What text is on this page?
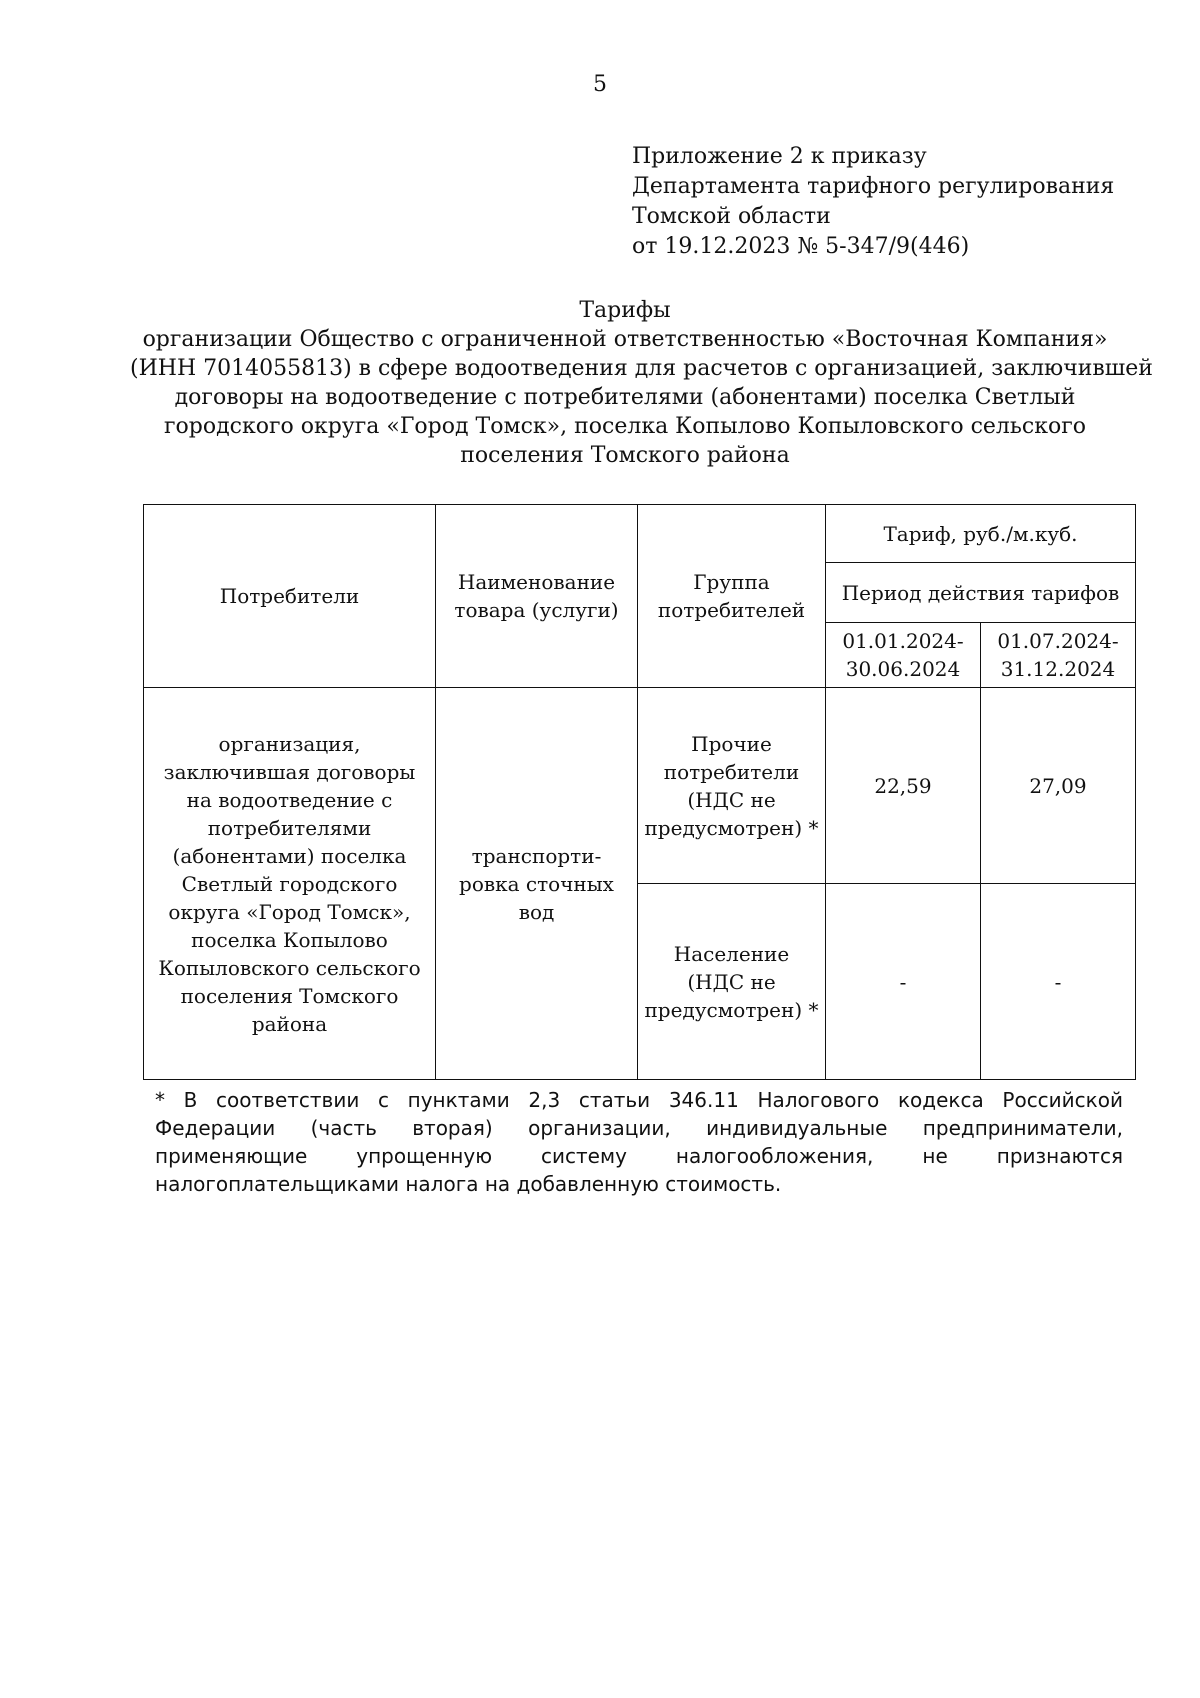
5
Приложение 2 к приказу
Департамента тарифного регулирования
Томской области
от 19.12.2023 № 5-347/9(446)
Тарифы
организации Общество с ограниченной ответственностью «Восточная Компания»
(ИНН 7014055813) в сфере водоотведения для расчетов с организацией, заключившей
договоры на водоотведение с потребителями (абонентами) поселка Светлый
городского округа «Город Томск», поселка Копылово Копыловского сельского
поселения Томского района
Потребители	Наименование товара (услуги)	Группа потребителей	Тариф, руб./м.куб.	
			Период действия тарифов	
			01.01.2024-30.06.2024	01.07.2024-31.12.2024
организация, заключившая договоры на водоотведение с потребителями (абонентами) поселка Светлый городского округа «Город Томск», поселка Копылово Копыловского сельского поселения Томского района	транспорти-ровка сточных вод	Прочие потребители (НДС не предусмотрен) *	22,59	27,09
		Население (НДС не предусмотрен) *	-	-
* В соответствии с пунктами 2,3 статьи 346.11 Налогового кодекса Российской Федерации (часть вторая) организации, индивидуальные предприниматели, применяющие упрощенную систему налогообложения, не признаются налогоплательщиками налога на добавленную стоимость.
